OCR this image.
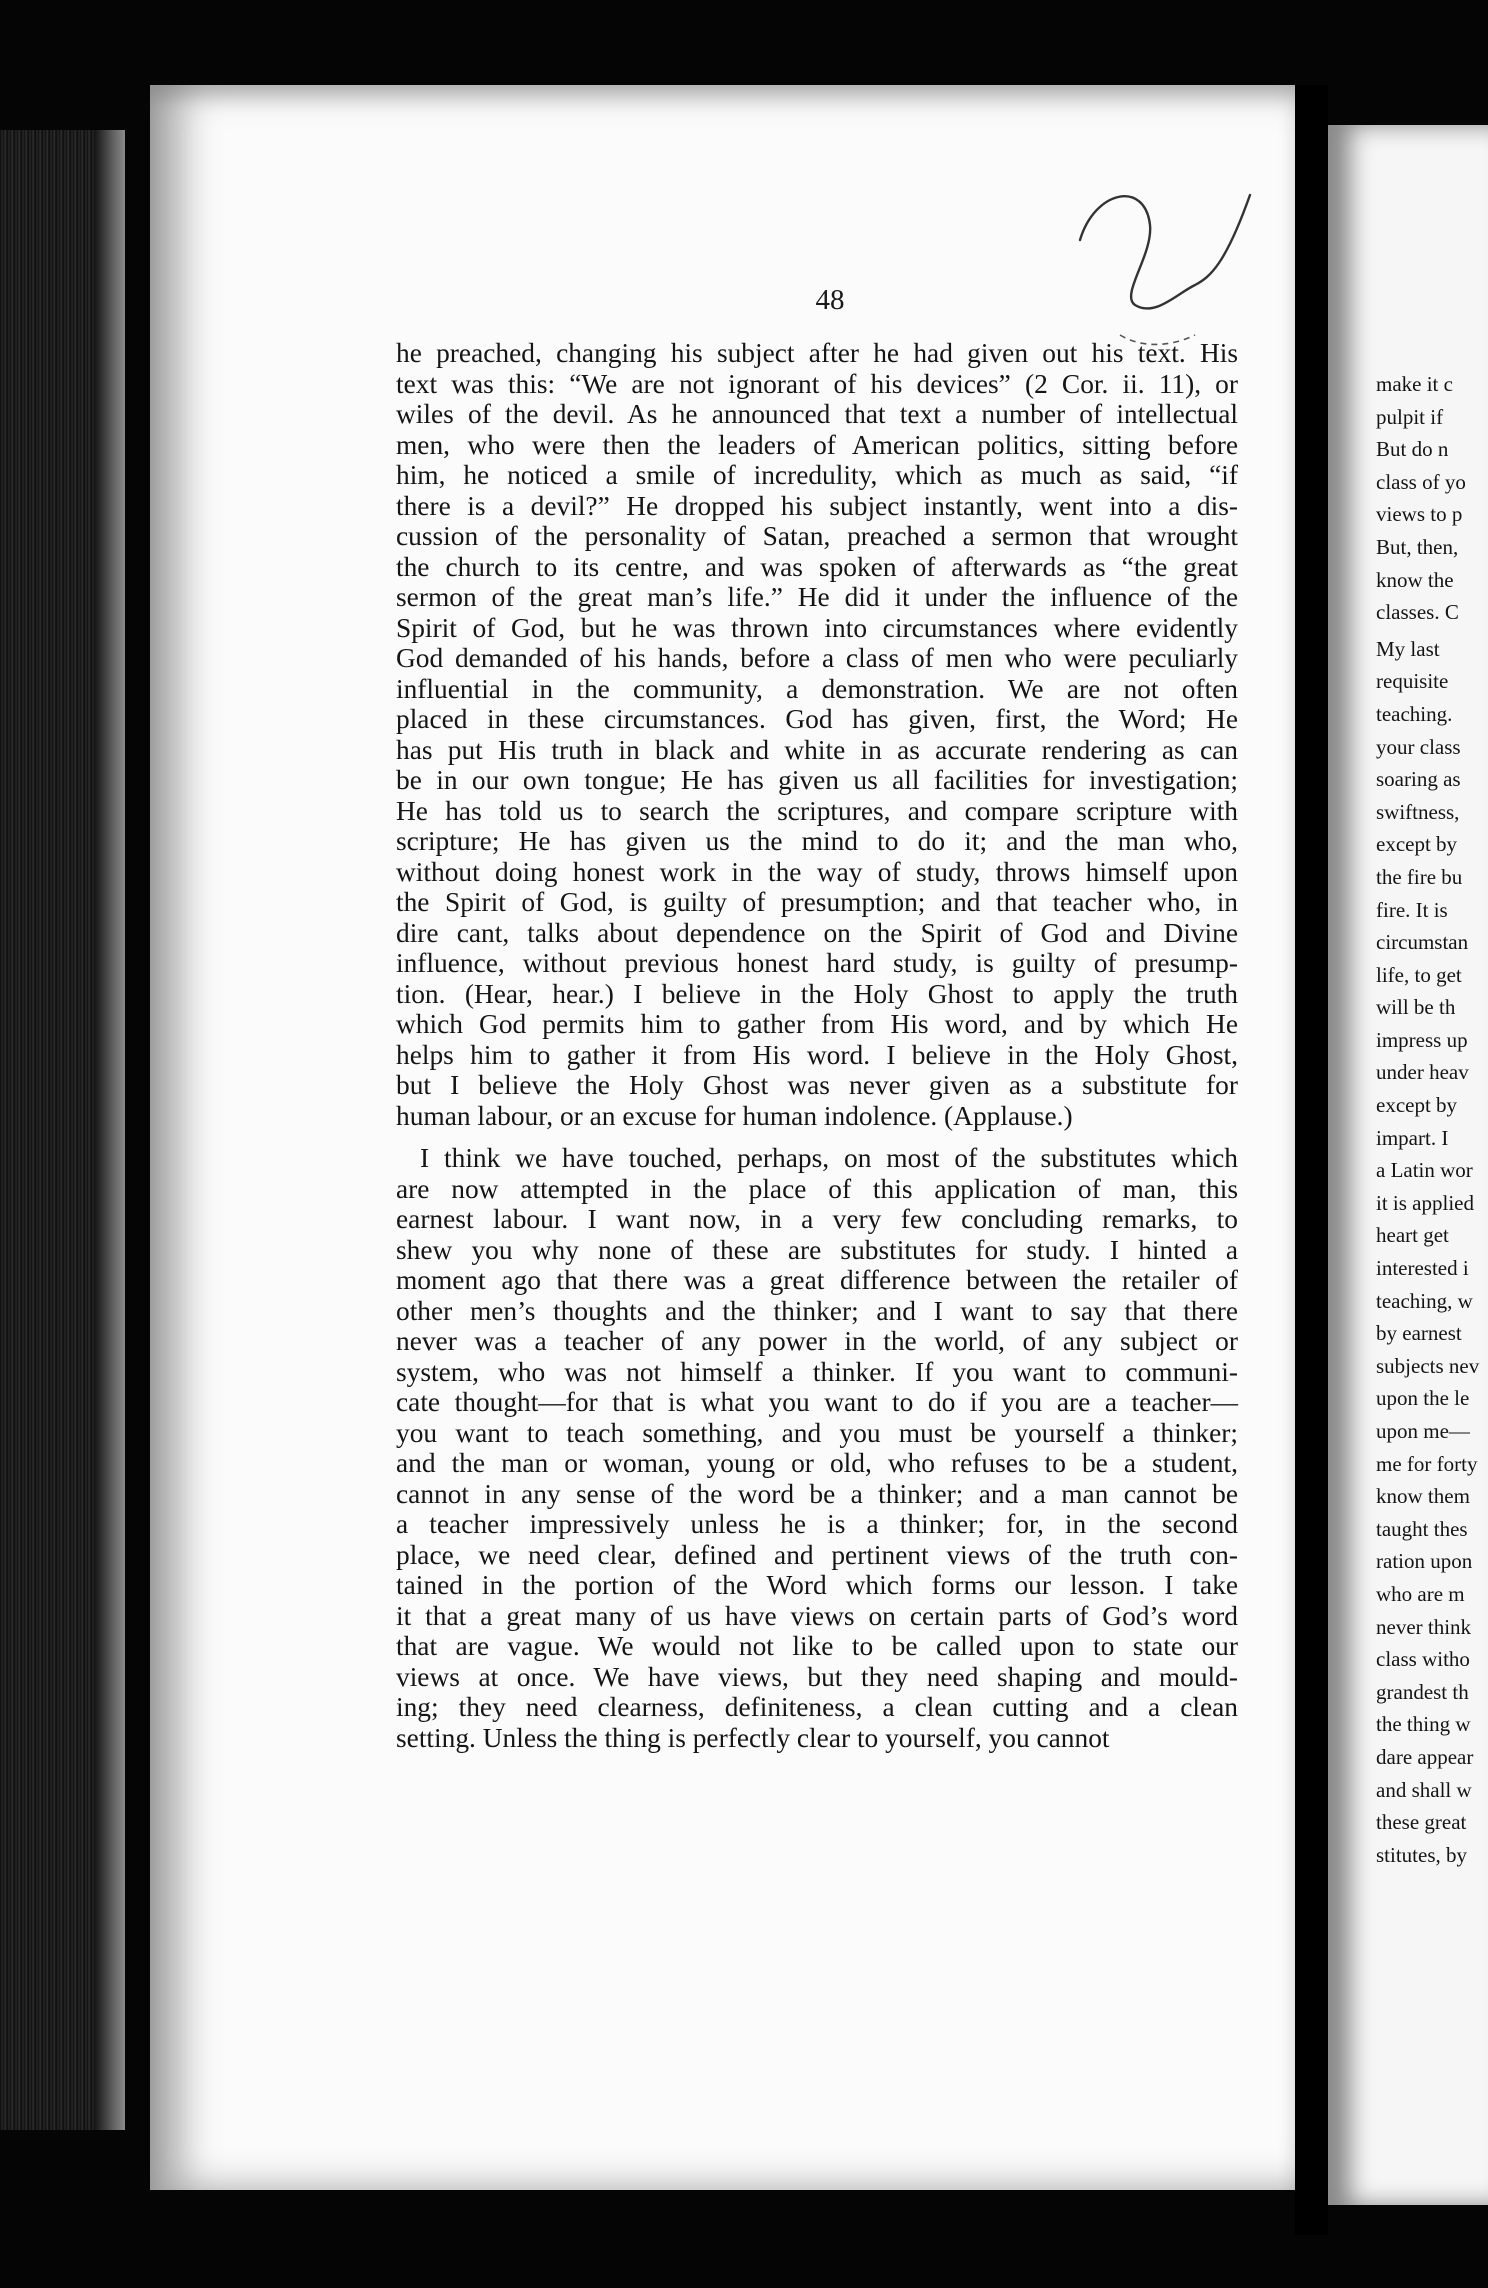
make it c
pulpit if
But do n
class of yo
views to p
But, then,
know the
classes. C
My last
requisite
teaching.
your class
soaring as
swiftness,
except by
the fire bu
fire. It is
circumstan
life, to get
will be th
impress up
under heav
except by
impart. I
a Latin wor
it is applied
heart get
interested i
teaching, w
by earnest
subjects nev
upon the le
upon me—
me for forty
know them
taught thes
ration upon
who are m
never think
class witho
grandest th
the thing w
dare appear
and shall w
these great
stitutes, by
48
he preached, changing his subject after he had given out his text. His
text was this: “We are not ignorant of his devices” (2 Cor. ii. 11), or
wiles of the devil. As he announced that text a number of intellectual
men, who were then the leaders of American politics, sitting before
him, he noticed a smile of incredulity, which as much as said, “if
there is a devil?” He dropped his subject instantly, went into a dis-
cussion of the personality of Satan, preached a sermon that wrought
the church to its centre, and was spoken of afterwards as “the great
sermon of the great man’s life.” He did it under the influence of the
Spirit of God, but he was thrown into circumstances where evidently
God demanded of his hands, before a class of men who were peculiarly
influential in the community, a demonstration. We are not often
placed in these circumstances. God has given, first, the Word; He
has put His truth in black and white in as accurate rendering as can
be in our own tongue; He has given us all facilities for investigation;
He has told us to search the scriptures, and compare scripture with
scripture; He has given us the mind to do it; and the man who,
without doing honest work in the way of study, throws himself upon
the Spirit of God, is guilty of presumption; and that teacher who, in
dire cant, talks about dependence on the Spirit of God and Divine
influence, without previous honest hard study, is guilty of presump-
tion. (Hear, hear.) I believe in the Holy Ghost to apply the truth
which God permits him to gather from His word, and by which He
helps him to gather it from His word. I believe in the Holy Ghost,
but I believe the Holy Ghost was never given as a substitute for
human labour, or an excuse for human indolence. (Applause.)
I think we have touched, perhaps, on most of the substitutes which
are now attempted in the place of this application of man, this
earnest labour. I want now, in a very few concluding remarks, to
shew you why none of these are substitutes for study. I hinted a
moment ago that there was a great difference between the retailer of
other men’s thoughts and the thinker; and I want to say that there
never was a teacher of any power in the world, of any subject or
system, who was not himself a thinker. If you want to communi-
cate thought—for that is what you want to do if you are a teacher—
you want to teach something, and you must be yourself a thinker;
and the man or woman, young or old, who refuses to be a student,
cannot in any sense of the word be a thinker; and a man cannot be
a teacher impressively unless he is a thinker; for, in the second
place, we need clear, defined and pertinent views of the truth con-
tained in the portion of the Word which forms our lesson. I take
it that a great many of us have views on certain parts of God’s word
that are vague. We would not like to be called upon to state our
views at once. We have views, but they need shaping and mould-
ing; they need clearness, definiteness, a clean cutting and a clean
setting. Unless the thing is perfectly clear to yourself, you cannot
